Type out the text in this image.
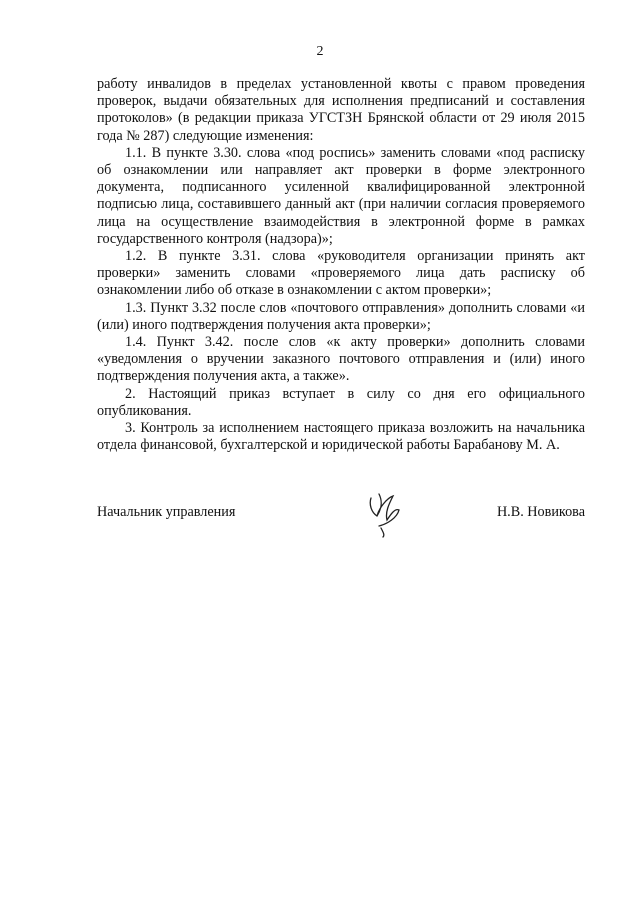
2

работу инвалидов в пределах установленной квоты с правом проведения проверок, выдачи обязательных для исполнения предписаний и составления протоколов» (в редакции приказа УГСТЗН Брянской области от 29 июля 2015 года № 287) следующие изменения:

1.1. В пункте 3.30. слова «под роспись» заменить словами «под расписку об ознакомлении или направляет акт проверки в форме электронного документа, подписанного усиленной квалифицированной электронной подписью лица, составившего данный акт (при наличии согласия проверяемого лица на осуществление взаимодействия в электронной форме в рамках государственного контроля (надзора)»;

1.2. В пункте 3.31. слова «руководителя организации принять акт проверки» заменить словами «проверяемого лица дать расписку об ознакомлении либо об отказе в ознакомлении с актом проверки»;

1.3. Пункт 3.32 после слов «почтового отправления» дополнить словами «и (или) иного подтверждения получения акта проверки»;

1.4. Пункт 3.42. после слов «к акту проверки» дополнить словами «уведомления о вручении заказного почтового отправления и (или) иного подтверждения получения акта, а также».

2. Настоящий приказ вступает в силу со дня его официального опубликования.

3. Контроль за исполнением настоящего приказа возложить на начальника отдела финансовой, бухгалтерской и юридической работы Барабанову М. А.

Начальник управления	Н.В. Новикова
